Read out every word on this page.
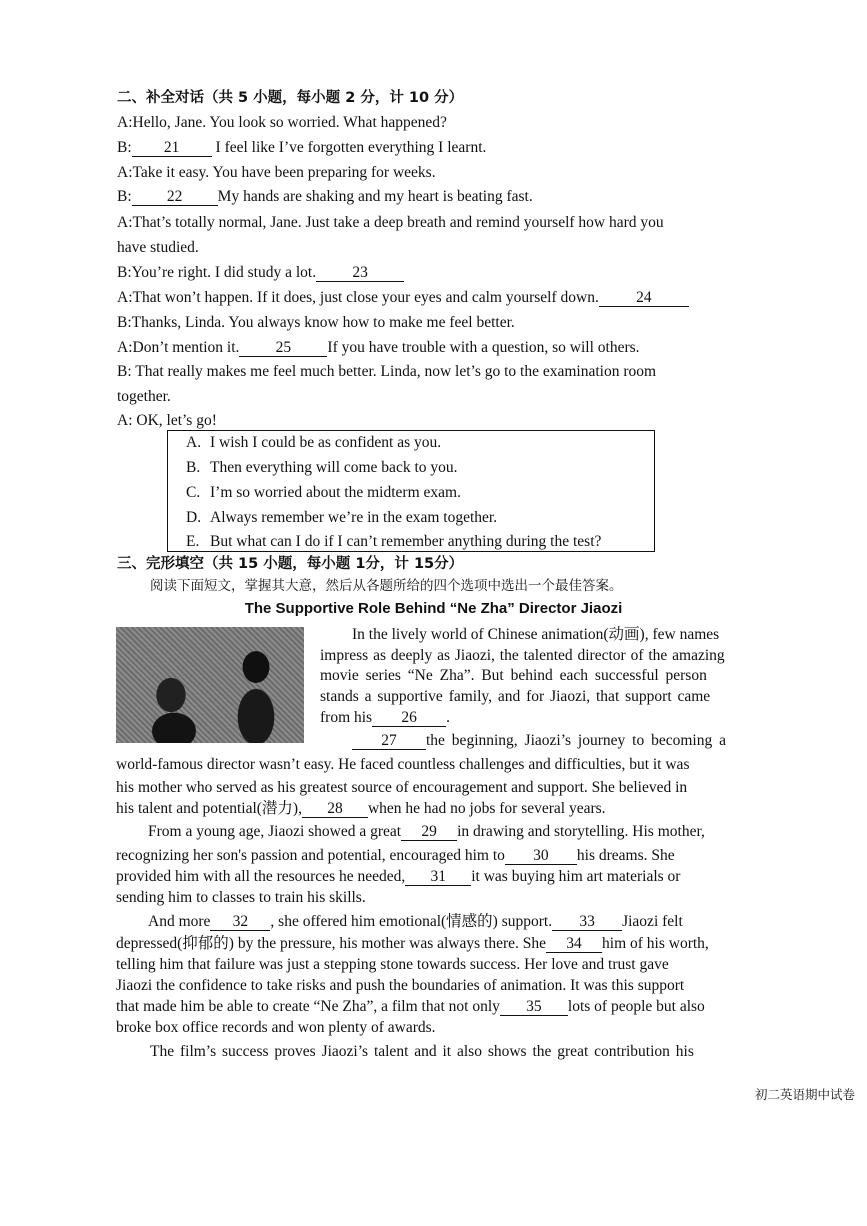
二、补全对话（共 5 小题，每小题 2 分，计 10 分）
A:Hello, Jane. You look so worried. What happened?
B: 21 I feel like I’ve forgotten everything I learnt.
A:Take it easy. You have been preparing for weeks.
B: 22 My hands are shaking and my heart is beating fast.
A:That’s totally normal, Jane. Just take a deep breath and remind yourself how hard you
have studied.
B:You’re right. I did study a lot. 23
A:That won’t happen. If it does, just close your eyes and calm yourself down. 24
B:Thanks, Linda. You always know how to make me feel better.
A:Don’t mention it. 25 If you have trouble with a question, so will others.
B: That really makes me feel much better. Linda, now let’s go to the examination room
together.
A: OK, let’s go!
A. I wish I could be as confident as you.
B. Then everything will come back to you.
C. I’m so worried about the midterm exam.
D. Always remember we’re in the exam together.
E. But what can I do if I can’t remember anything during the test?
三、完形填空（共 15 小题，每小题 1分，计 15分）
阅读下面短文，掌握其大意，然后从各题所给的四个选项中选出一个最佳答案。
The Supportive Role Behind “Ne Zha” Director Jiaozi
In the lively world of Chinese animation(动画), few names
impress as deeply as Jiaozi, the talented director of the amazing
movie series “Ne Zha”. But behind each successful person
stands a supportive family, and for Jiaozi, that support came
from his 26 .
27 the beginning, Jiaozi’s journey to becoming a
world-famous director wasn’t easy. He faced countless challenges and difficulties, but it was
his mother who served as his greatest source of encouragement and support. She believed in
his talent and potential(潜力), 28 when he had no jobs for several years.
From a young age, Jiaozi showed a great 29 in drawing and storytelling. His mother,
recognizing her son's passion and potential, encouraged him to 30 his dreams. She
provided him with all the resources he needed, 31 it was buying him art materials or
sending him to classes to train his skills.
And more 32 , she offered him emotional(情感的) support. 33 Jiaozi felt
depressed(抑郁的) by the pressure, his mother was always there. She 34 him of his worth,
telling him that failure was just a stepping stone towards success. Her love and trust gave
Jiaozi the confidence to take risks and push the boundaries of animation. It was this support
that made him be able to create “Ne Zha”, a film that not only 35 lots of people but also
broke box office records and won plenty of awards.
The film’s success proves Jiaozi’s talent and it also shows the great contribution his
初二英语期中试卷
